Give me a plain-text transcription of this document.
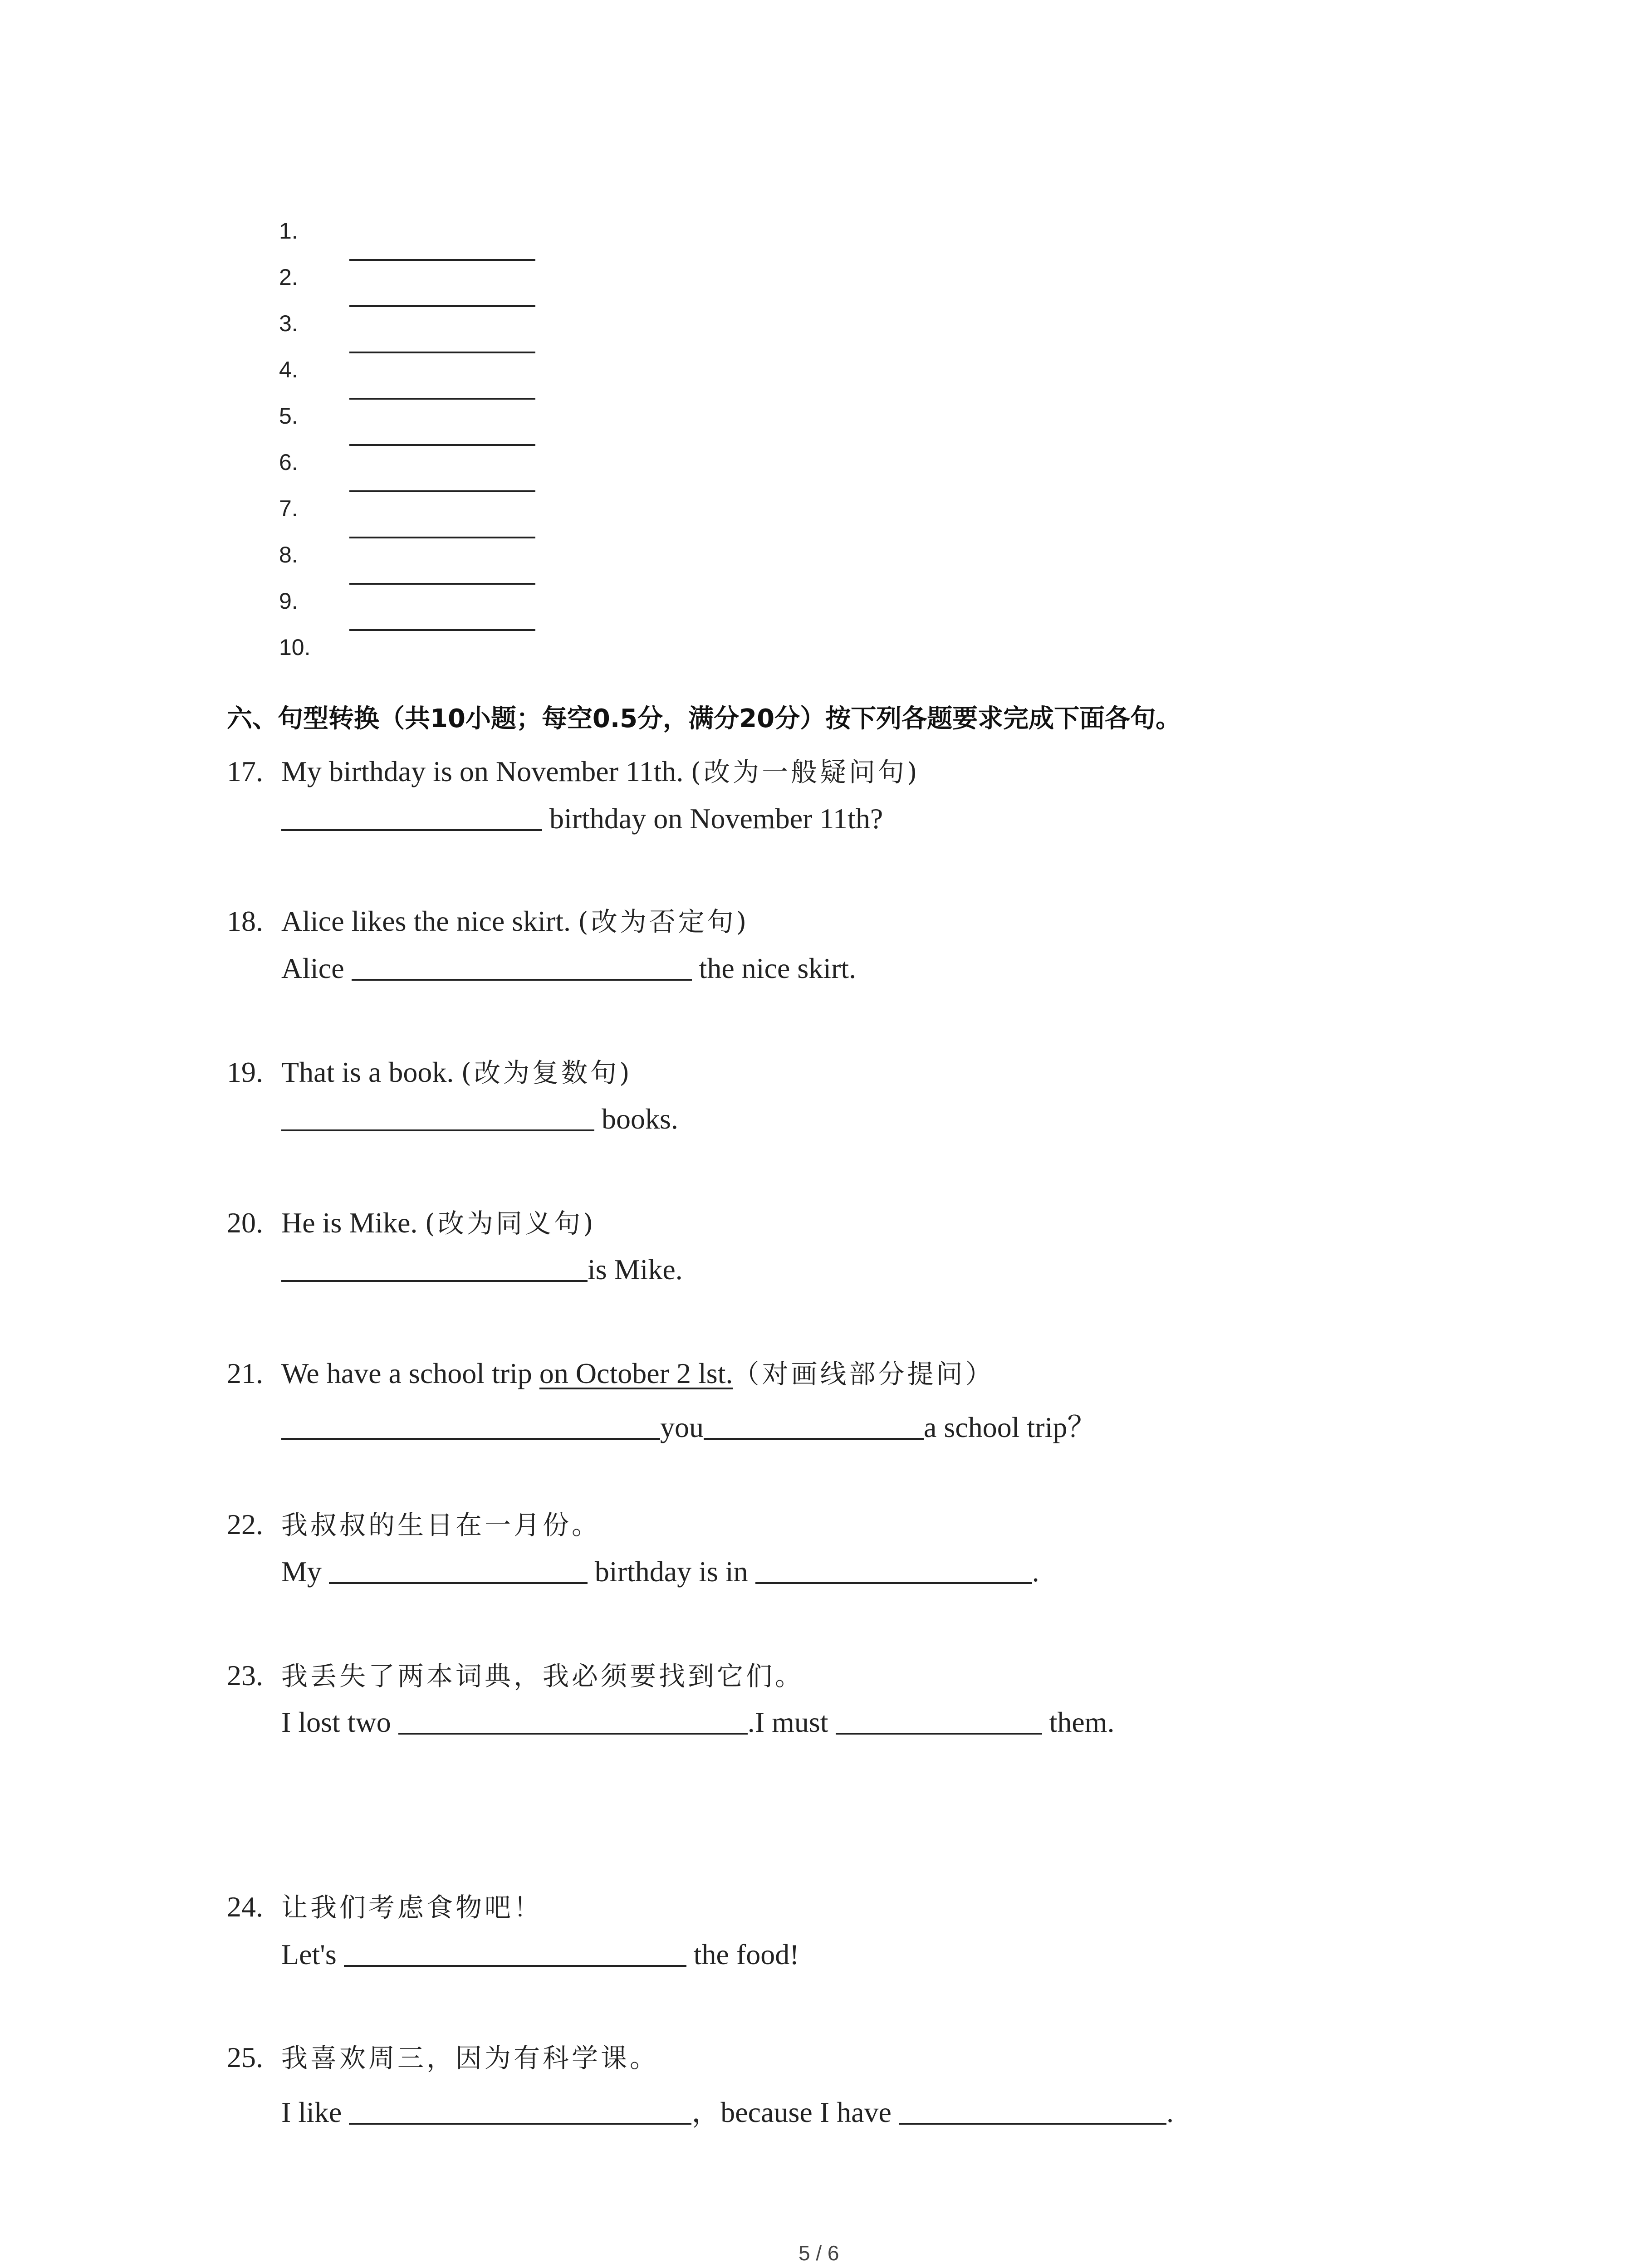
1.
2.
3.
4.
5.
6.
7.
8.
9.
10.
六、句型转换（共10小题；每空0.5分，满分20分）按下列各题要求完成下面各句。
17. My birthday is on November 11th. (改为一般疑问句)
birthday on November 11th?
18. Alice likes the nice skirt. (改为否定句)
Alice	the nice skirt.
19. That is a book. (改为复数句)
books.
20. He is Mike. (改为同义句)
is Mike.
21. We have a school trip on October 2 lst.（对画线部分提问）
you	a school trip？
22. 我叔叔的生日在一月份。
My	birthday is in	.
23. 我丢失了两本词典，我必须要找到它们。
I lost two	.I must	them.
24. 让我们考虑食物吧！
Let's	the food!
25. 我喜欢周三，因为有科学课。
I like	，because I have	.
5 / 6
